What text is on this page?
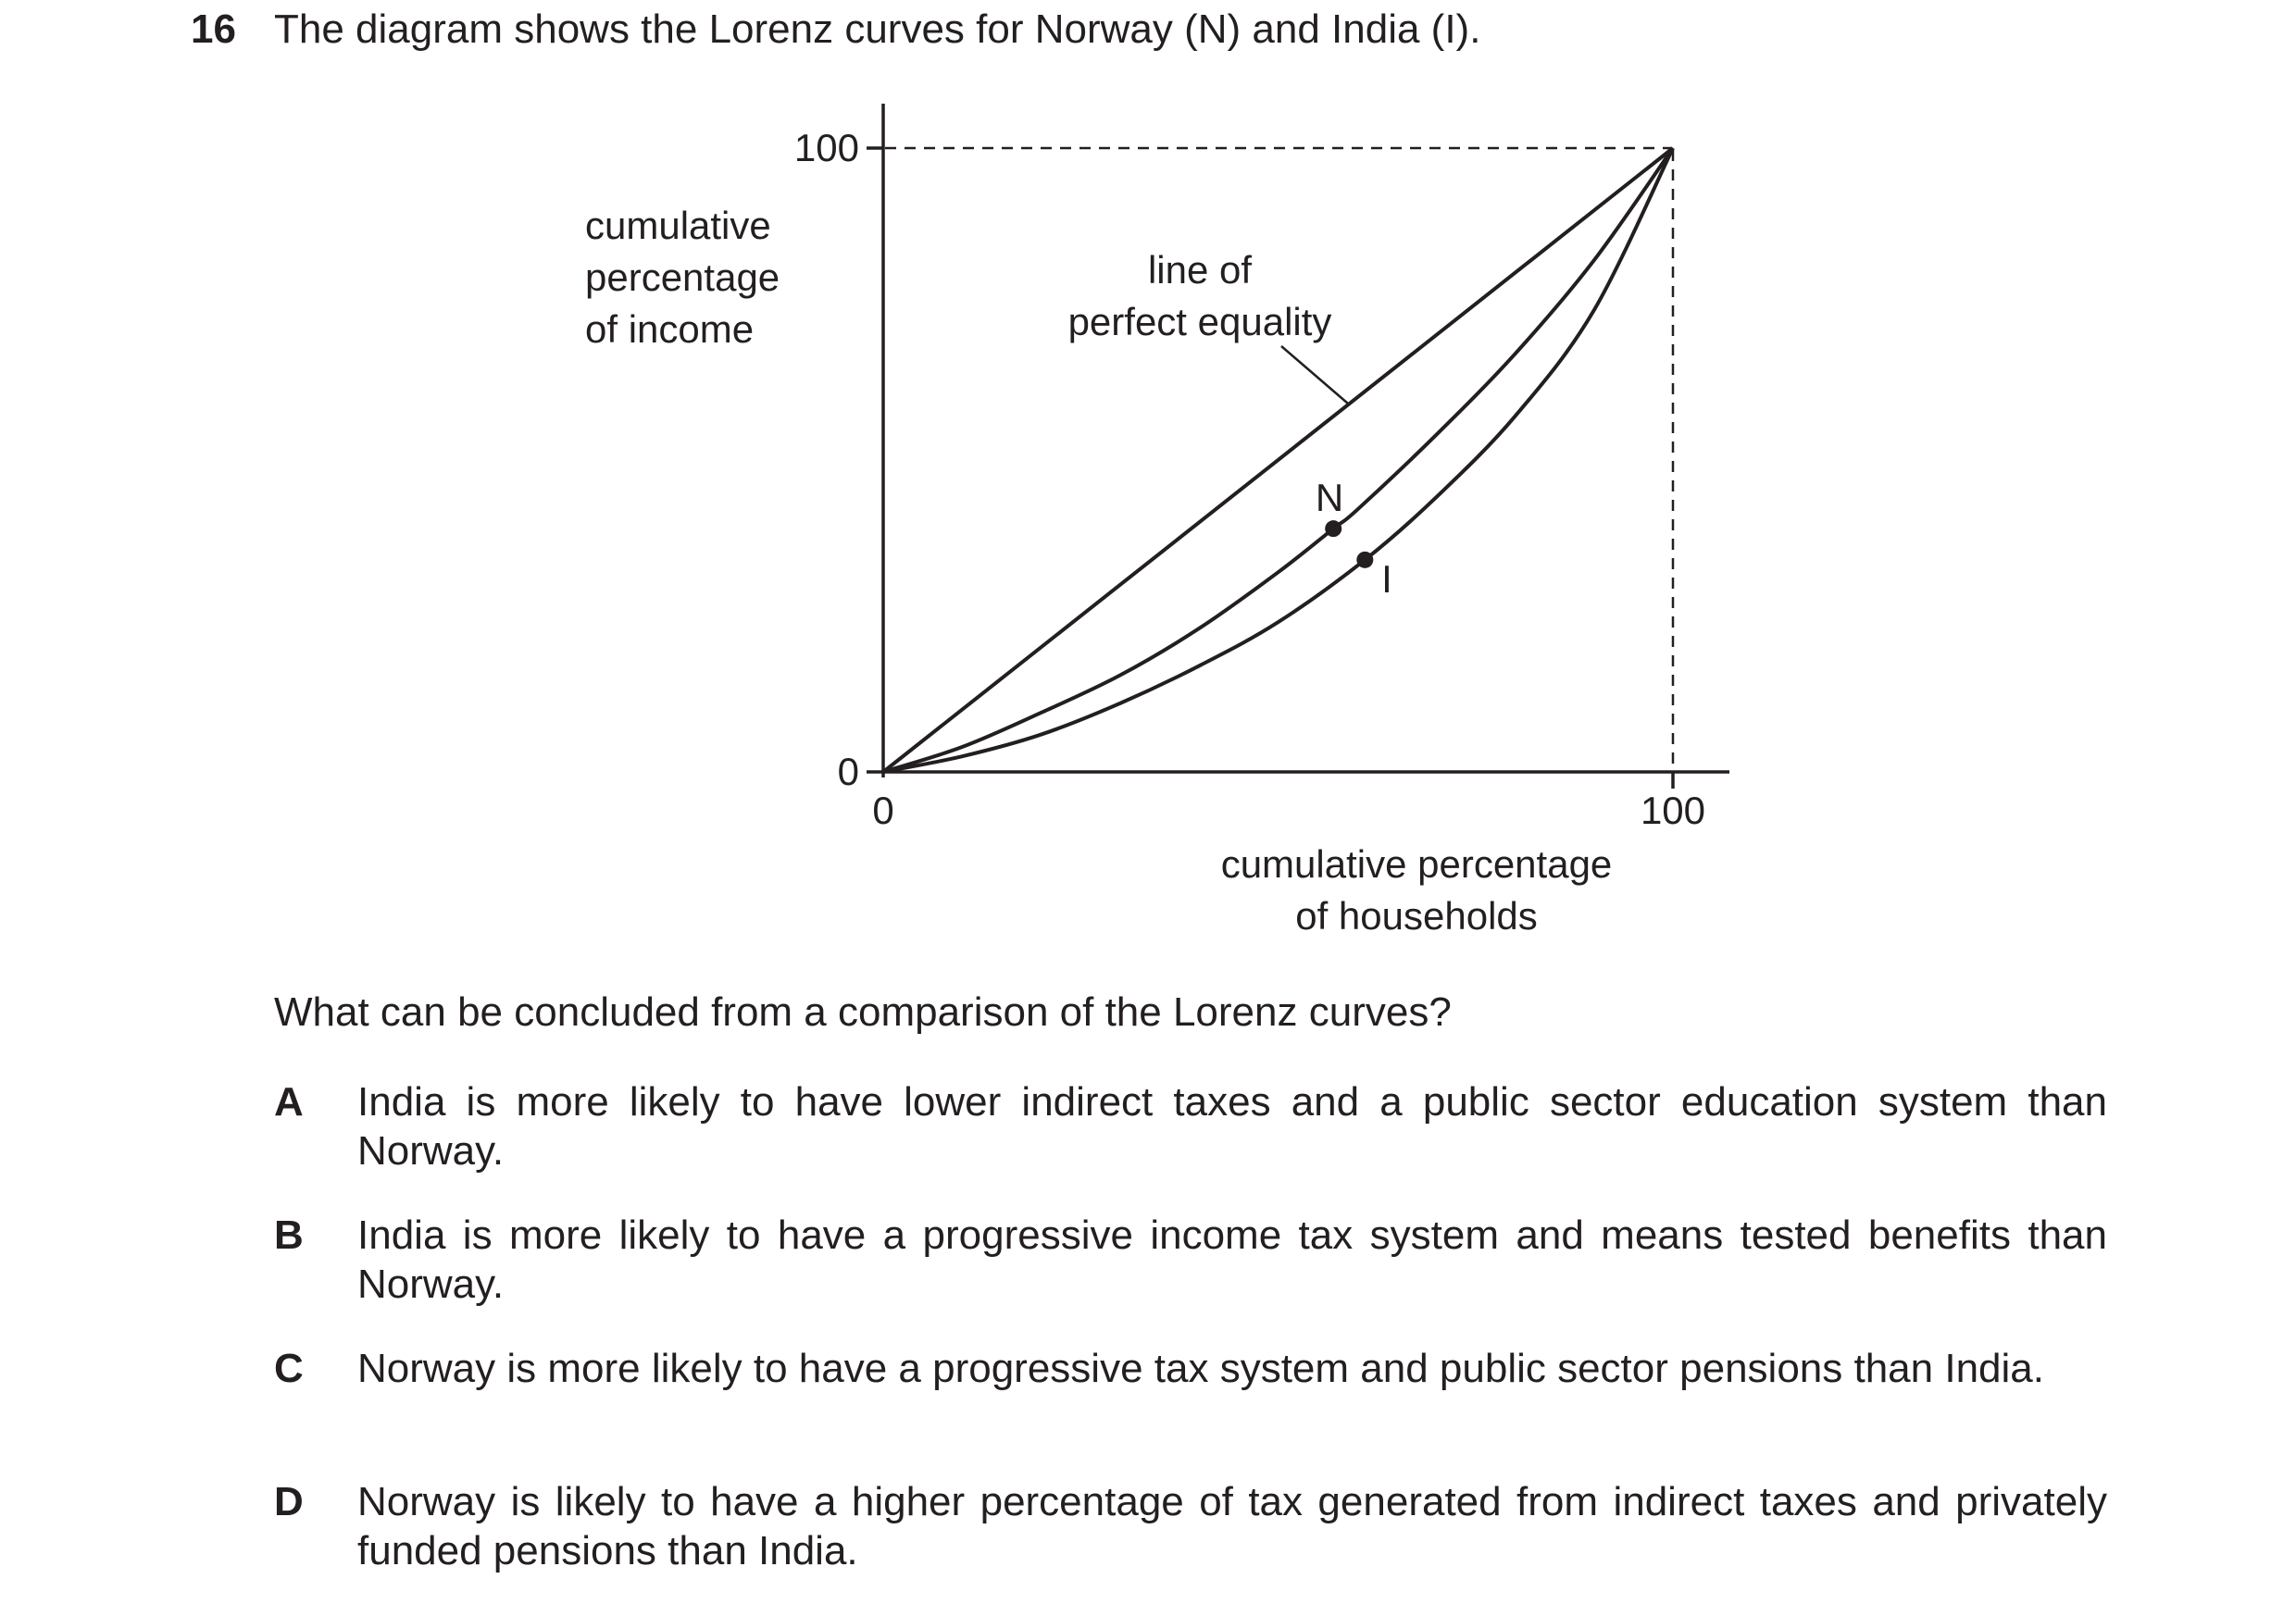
16 The diagram shows the Lorenz curves for Norway (N) and India (I).
100
0
0	100
cumulative
percentage
of income
cumulative percentage
of households
line of
perfect equality
N
I
What can be concluded from a comparison of the Lorenz curves?
A	India is more likely to have lower indirect taxes and a public sector education system than Norway.
B	India is more likely to have a progressive income tax system and means tested benefits than Norway.
C	Norway is more likely to have a progressive tax system and public sector pensions than India.
D	Norway is likely to have a higher percentage of tax generated from indirect taxes and privately funded pensions than India.
